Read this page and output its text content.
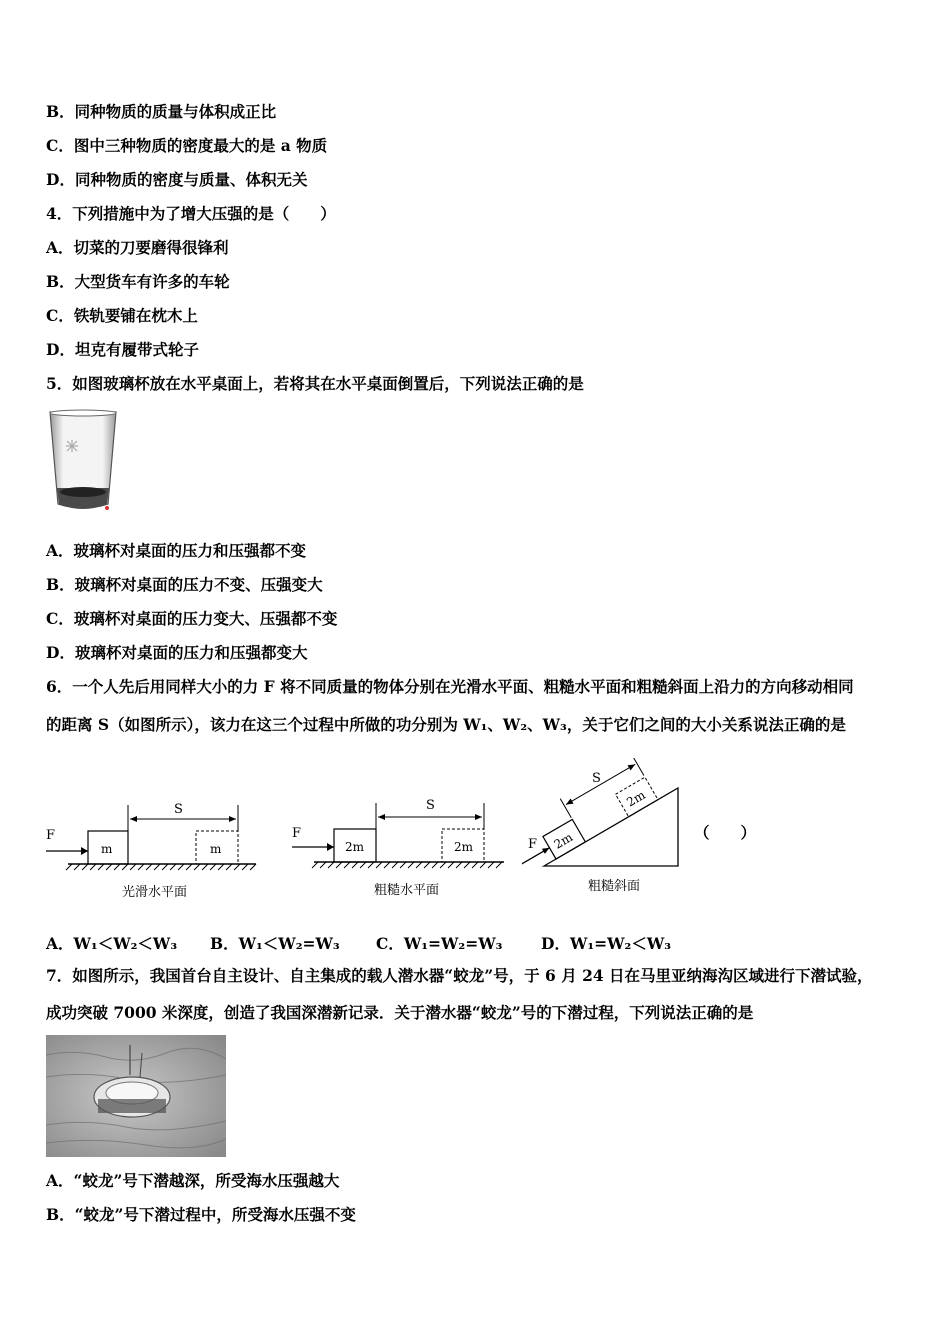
B．同种物质的质量与体积成正比
C．图中三种物质的密度最大的是 a 物质
D．同种物质的密度与质量、体积无关
4．下列措施中为了增大压强的是（　　）
A．切菜的刀要磨得很锋利
B．大型货车有许多的车轮
C．铁轨要铺在枕木上
D．坦克有履带式轮子
5．如图玻璃杯放在水平桌面上，若将其在水平桌面倒置后，下列说法正确的是
A．玻璃杯对桌面的压力和压强都不变
B．玻璃杯对桌面的压力不变、压强变大
C．玻璃杯对桌面的压力变大、压强都不变
D．玻璃杯对桌面的压力和压强都变大
6．一个人先后用同样大小的力 F 将不同质量的物体分别在光滑水平面、粗糙水平面和粗糙斜面上沿力的方向移动相同
的距离 S（如图所示），该力在这三个过程中所做的功分别为 W₁、W₂、W₃，关于它们之间的大小关系说法正确的是
F
m
S
m
光滑水平面
F
2m
S
2m
粗糙水平面
2m
2m
S
F
粗糙斜面
（　　）
A．W₁＜W₂＜W₃ B．W₁＜W₂=W₃ C．W₁=W₂=W₃ D．W₁=W₂＜W₃
7．如图所示，我国首台自主设计、自主集成的载人潜水器“蛟龙”号，于 6 月 24 日在马里亚纳海沟区域进行下潜试验，
成功突破 7000 米深度，创造了我国深潜新记录．关于潜水器“蛟龙”号的下潜过程，下列说法正确的是
A．“蛟龙”号下潜越深，所受海水压强越大
B．“蛟龙”号下潜过程中，所受海水压强不变
